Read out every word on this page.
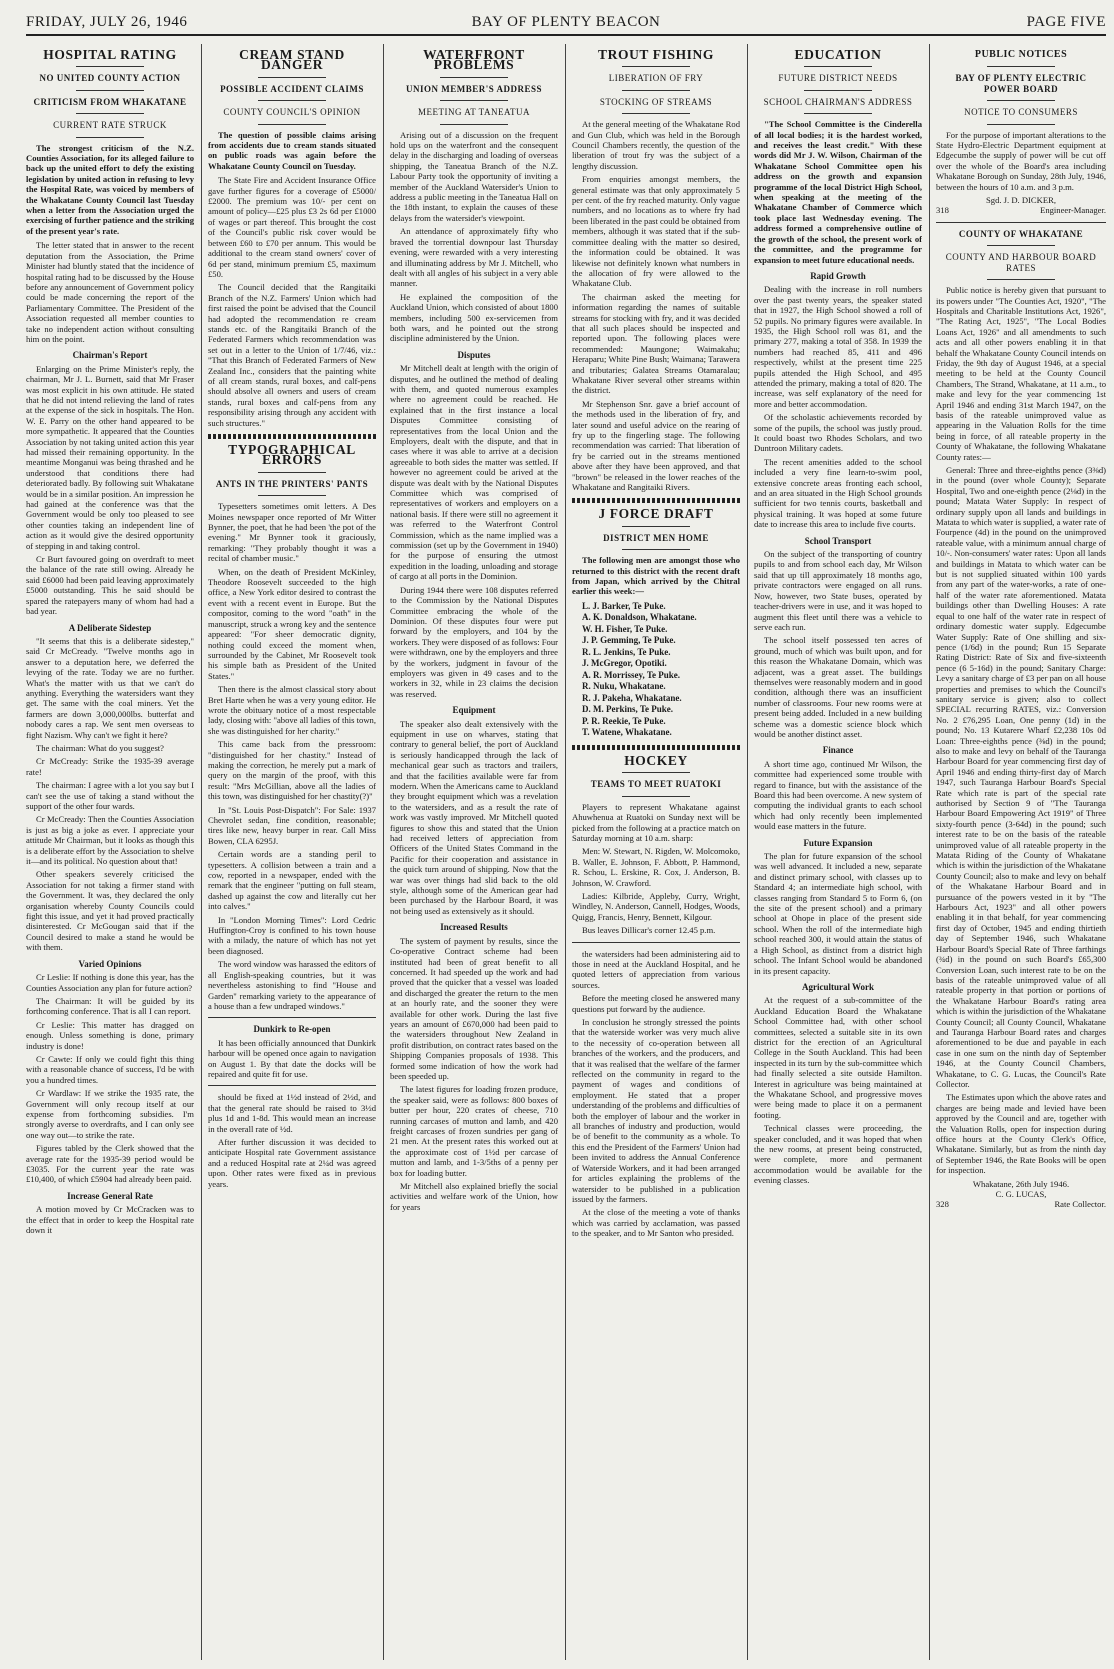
FRIDAY, JULY 26, 1946	BAY OF PLENTY BEACON	PAGE FIVE
HOSPITAL RATING
NO UNITED COUNTY ACTION
CRITICISM FROM WHAKATANE
CURRENT RATE STRUCK

The strongest criticism of the N.Z. Counties Association, for its alleged failure to back up the united effort to defy the existing legislation by united action in refusing to levy the Hospital Rate, was voiced by members of the Whakatane County Council last Tuesday when a letter from the Association urged the exercising of further patience and the striking of the present year's rate.

The letter stated that in answer to the recent deputation from the Association, the Prime Minister had bluntly stated that the incidence of hospital rating had to be discussed by the House before any announcement of Government policy could be made concerning the report of the Parliamentary Committee. The President of the Association requested all member counties to take no independent action without consulting him on the point.

Chairman's Report

Enlarging on the Prime Minister's reply, the chairman, Mr J. L. Burnett, said that Mr Fraser was most explicit in his own attitude. He stated that he did not intend relieving the land of rates at the expense of the sick in hospitals. The Hon. W. E. Parry on the other hand appeared to be more sympathetic. It appeared that the Counties Association by not taking united action this year had missed their remaining opportunity. In the meantime Monganui was being thrashed and he understood that conditions there had deteriorated badly. By following suit Whakatane would be in a similar position. An impression he had gained at the conference was that the Government would be only too pleased to see other counties taking an independent line of action as it would give the desired opportunity of stepping in and taking control.

Cr Burt favoured going on overdraft to meet the balance of the rate still owing. Already he said £6000 had been paid leaving approximately £5000 outstanding. This he said should be spared the ratepayers many of whom had had a bad year.

A Deliberate Sidestep

"It seems that this is a deliberate sidestep," said Cr McCready. "Twelve months ago in answer to a deputation here, we deferred the levying of the rate. Today we are no further. What's the matter with us that we can't do anything. Everything the watersiders want they get. The same with the coal miners. Yet the farmers are down 3,000,000lbs. butterfat and nobody cares a rap. We sent men overseas to fight Nazism. Why can't we fight it here?

The chairman: What do you suggest?

Cr McCready: Strike the 1935-39 average rate!

The chairman: I agree with a lot you say but I can't see the use of taking a stand without the support of the other four wards.

Cr McCready: Then the Counties Association is just as big a joke as ever. I appreciate your attitude Mr Chairman, but it looks as though this is a deliberate effort by the Association to shelve it—and its political. No question about that!

Other speakers severely criticised the Association for not taking a firmer stand with the Government. It was, they declared the only organisation whereby County Councils could fight this issue, and yet it had proved practically disinterested. Cr McGougan said that if the Council desired to make a stand he would be with them.

Varied Opinions

Cr Leslie: If nothing is done this year, has the Counties Association any plan for future action?

The Chairman: It will be guided by its forthcoming conference. That is all I can report.

Cr Leslie: This matter has dragged on enough. Unless something is done, primary industry is done!

Cr Cawte: If only we could fight this thing with a reasonable chance of success, I'd be with you a hundred times.

Cr Wardlaw: If we strike the 1935 rate, the Government will only recoup itself at our expense from forthcoming subsidies. I'm strongly averse to overdrafts, and I can only see one way out—to strike the rate.

Figures tabled by the Clerk showed that the average rate for the 1935-39 period would be £3035. For the current year the rate was £10,400, of which £5904 had already been paid.

Increase General Rate

A motion moved by Cr McCracken was to the effect that in order to keep the Hospital rate down it

CREAM STAND DANGER
POSSIBLE ACCIDENT CLAIMS
COUNTY COUNCIL'S OPINION

The question of possible claims arising from accidents due to cream stands situated on public roads was again before the Whakatane County Council on Tuesday.

The State Fire and Accident Insurance Office gave further figures for a coverage of £5000/£2000. The premium was 10/- per cent on amount of policy—£25 plus £3 2s 6d per £1000 of wages or part thereof. This brought the cost of the Council's public risk cover would be between £60 to £70 per annum. This would be additional to the cream stand owners' cover of 6d per stand, minimum premium £5, maximum £50.

The Council decided that the Rangitaiki Branch of the N.Z. Farmers' Union which had first raised the point be advised that the Council had adopted the recommendation re cream stands etc. of the Rangitaiki Branch of the Federated Farmers which recommendation was set out in a letter to the Union of 1/7/46, viz.: "That this Branch of Federated Farmers of New Zealand Inc., considers that the painting white of all cream stands, rural boxes, and calf-pens should absolve all owners and users of cream stands, rural boxes and calf-pens from any responsibility arising through any accident with such structures."

TYPOGRAPHICAL ERRORS
ANTS IN THE PRINTERS' PANTS

Typesetters sometimes omit letters. A Des Moines newspaper once reported of Mr Witter Bynner, the poet, that he had been 'the pot of the evening." Mr Bynner took it graciously, remarking: "They probably thought it was a recital of chamber music."

When, on the death of President McKinley, Theodore Roosevelt succeeded to the high office, a New York editor desired to contrast the event with a recent event in Europe. But the compositor, coming to the word "oath" in the manuscript, struck a wrong key and the sentence appeared: "For sheer democratic dignity, nothing could exceed the moment when, surrounded by the Cabinet, Mr Roosevelt took his simple bath as President of the United States."

Then there is the almost classical story about Bret Harte when he was a very young editor. He wrote the obituary notice of a most respectable lady, closing with: "above all ladies of this town, she was distinguished for her charity."

This came back from the pressroom: "distinguished for her chastity." Instead of making the correction, he merely put a mark of query on the margin of the proof, with this result: "Mrs McGillian, above all the ladies of this town, was distinguished for her chastity(?)"

In "St. Louis Post-Dispatch": For Sale: 1937 Chevrolet sedan, fine condition, reasonable; tires like new, heavy burper in rear. Call Miss Bowen, CLA 6295J.

Certain words are a standing peril to typesetters. A collision between a train and a cow, reported in a newspaper, ended with the remark that the engineer "putting on full steam, dashed up against the cow and literally cut her into calves."

In "London Morning Times": Lord Cedric Huffington-Croy is confined to his town house with a milady, the nature of which has not yet been diagnosed.

The word window was harassed the editors of all English-speaking countries, but it was nevertheless astonishing to find "House and Garden" remarking variety to the appearance of a house than a few undraped windows."

Dunkirk to Re-open

It has been officially announced that Dunkirk harbour will be opened once again to navigation on August 1. By that date the docks will be repaired and quite fit for use.

should be fixed at 1½d instead of 2½d, and that the general rate should be raised to 3½d plus 1d and 1-8d. This would mean an increase in the overall rate of ½d.

After further discussion it was decided to anticipate Hospital rate Government assistance and a reduced Hospital rate at 2¼d was agreed upon. Other rates were fixed as in previous years.

WATERFRONT PROBLEMS
UNION MEMBER'S ADDRESS
MEETING AT TANEATUA

Arising out of a discussion on the frequent hold ups on the waterfront and the consequent delay in the discharging and loading of overseas shipping, the Taneatua Branch of the N.Z. Labour Party took the opportunity of inviting a member of the Auckland Watersider's Union to address a public meeting in the Taneatua Hall on the 18th instant, to explain the causes of these delays from the watersider's viewpoint.

An attendance of approximately fifty who braved the torrential downpour last Thursday evening, were rewarded with a very interesting and illuminating address by Mr J. Mitchell, who dealt with all angles of his subject in a very able manner.

He explained the composition of the Auckland Union, which consisted of about 1800 members, including 500 ex-servicemen from both wars, and he pointed out the strong discipline administered by the Union.

Disputes

Mr Mitchell dealt at length with the origin of disputes, and he outlined the method of dealing with them, and quoted numerous examples where no agreement could be reached. He explained that in the first instance a local Disputes Committee consisting of representatives from the local Union and the Employers, dealt with the dispute, and that in cases where it was able to arrive at a decision agreeable to both sides the matter was settled. If however no agreement could be arived at the dispute was dealt with by the National Disputes Committee which was comprised of representatives of workers and employers on a national basis. If there were still no agreement it was referred to the Waterfront Control Commission, which as the name implied was a commission (set up by the Government in 1940) for the purpose of ensuring the utmost expedition in the loading, unloading and storage of cargo at all ports in the Dominion.

During 1944 there were 108 disputes referred to the Commission by the National Disputes Committee embracing the whole of the Dominion. Of these disputes four were put forward by the employers, and 104 by the workers. They were disposed of as follows: Four were withdrawn, one by the employers and three by the workers, judgment in favour of the employers was given in 49 cases and to the workers in 32, while in 23 claims the decision was reserved.

Equipment

The speaker also dealt extensively with the equipment in use on wharves, stating that contrary to general belief, the port of Auckland is seriously handicapped through the lack of mechanical gear such as tractors and trailers, and that the facilities available were far from modern. When the Americans came to Auckland they brought equipment which was a revelation to the watersiders, and as a result the rate of work was vastly improved. Mr Mitchell quoted figures to show this and stated that the Union had received letters of appreciation from Officers of the United States Command in the Pacific for their cooperation and assistance in the quick turn around of shipping. Now that the war was over things had slid back to the old style, although some of the American gear had been purchased by the Harbour Board, it was not being used as extensively as it should.

Increased Results

The system of payment by results, since the Co-operative Contract scheme had been instituted had been of great benefit to all concerned. It had speeded up the work and had proved that the quicker that a vessel was loaded and discharged the greater the return to the men at an hourly rate, and the sooner they were available for other work. During the last five years an amount of £670,000 had been paid to the watersiders throughout New Zealand in profit distribution, on contract rates based on the Shipping Companies proposals of 1938. This formed some indication of how the work had been speeded up.

The latest figures for loading frozen produce, the speaker said, were as follows: 800 boxes of butter per hour, 220 crates of cheese, 710 running carcases of mutton and lamb, and 420 freight carcases of frozen sundries per gang of 21 men. At the present rates this worked out at the approximate cost of 1½d per carcase of mutton and lamb, and 1-3/5ths of a penny per box for loading butter.

Mr Mitchell also explained briefly the social activities and welfare work of the Union, how for years

TROUT FISHING
LIBERATION OF FRY
STOCKING OF STREAMS

At the general meeting of the Whakatane Rod and Gun Club, which was held in the Borough Council Chambers recently, the question of the liberation of trout fry was the subject of a lengthy discussion.

From enquiries amongst members, the general estimate was that only approximately 5 per cent. of the fry reached maturity. Only vague numbers, and no locations as to where fry had been liberated in the past could be obtained from members, although it was stated that if the sub-committee dealing with the matter so desired, the information could be obtained. It was likewise not definitely known what numbers in the allocation of fry were allowed to the Whakatane Club.

The chairman asked the meeting for information regarding the names of suitable streams for stocking with fry, and it was decided that all such places should be inspected and reported upon. The following places were recommended: Maungone; Waimakahu; Heraparu; White Pine Bush; Waimana; Tarawera and tributaries; Galatea Streams Otamaralau; Whakatane River several other streams within the district.

Mr Stephenson Snr. gave a brief account of the methods used in the liberation of fry, and later sound and useful advice on the rearing of fry up to the fingerling stage. The following recommendation was carried: That liberation of fry be carried out in the streams mentioned above after they have been approved, and that "brown" be released in the lower reaches of the Whakatane and Rangitaiki Rivers.

J FORCE DRAFT
DISTRICT MEN HOME

The following men are amongst those who returned to this district with the recent draft from Japan, which arrived by the Chitral earlier this week:—

L. J. Barker, Te Puke.
A. K. Donaldson, Whakatane.
W. H. Fisher, Te Puke.
J. P. Gemming, Te Puke.
R. L. Jenkins, Te Puke.
J. McGregor, Opotiki.
A. R. Morrissey, Te Puke.
R. Nuku, Whakatane.
R. J. Pakeha, Whakatane.
D. M. Perkins, Te Puke.
P. R. Reekie, Te Puke.
T. Watene, Whakatane.
HOCKEY
TEAMS TO MEET RUATOKI

Players to represent Whakatane against Ahuwhenua at Ruatoki on Sunday next will be picked from the following at a practice match on Saturday morning at 10 a.m. sharp:

Men: W. Stewart, N. Rigden, W. Molcomoko, B. Waller, E. Johnson, F. Abbott, P. Hammond, R. Schou, L. Erskine, R. Cox, J. Anderson, B. Johnson, W. Crawford.

Ladies: Kilbride, Appleby, Curry, Wright, Windley, N. Anderson, Cannell, Hodges, Woods, Quigg, Francis, Henry, Bennett, Kilgour.

Bus leaves Dillicar's corner 12.45 p.m.

the watersiders had been administering aid to those in need at the Auckland Hospital, and he quoted letters of appreciation from various sources.

Before the meeting closed he answered many questions put forward by the audience.

In conclusion he strongly stressed the points that the waterside worker was very much alive to the necessity of co-operation between all branches of the workers, and the producers, and that it was realised that the welfare of the farmer reflected on the community in regard to the payment of wages and conditions of employment. He stated that a proper understanding of the problems and difficulties of both the employer of labour and the worker in all branches of industry and production, would be of benefit to the community as a whole. To this end the President of the Farmers' Union had been invited to address the Annual Conference of Waterside Workers, and it had been arranged for articles explaining the problems of the watersider to be published in a publication issued by the farmers.

At the close of the meeting a vote of thanks which was carried by acclamation, was passed to the speaker, and to Mr Santon who presided.

EDUCATION
FUTURE DISTRICT NEEDS
SCHOOL CHAIRMAN'S ADDRESS

"The School Committee is the Cinderella of all local bodies; it is the hardest worked, and receives the least credit." With these words did Mr J. W. Wilson, Chairman of the Whakatane School Committee open his address on the growth and expansion programme of the local District High School, when speaking at the meeting of the Whakatane Chamber of Commerce which took place last Wednesday evening. The address formed a comprehensive outline of the growth of the school, the present work of the committee, and the programme for expansion to meet future educational needs.

Rapid Growth

Dealing with the increase in roll numbers over the past twenty years, the speaker stated that in 1927, the High School showed a roll of 52 pupils. No primary figures were available. In 1935, the High School roll was 81, and the primary 277, making a total of 358. In 1939 the numbers had reached 85, 411 and 496 respectively, whilst at the present time 225 pupils attended the High School, and 495 attended the primary, making a total of 820. The increase, was self explanatory of the need for more and better accommodation.

Of the scholastic achievements recorded by some of the pupils, the school was justly proud. It could boast two Rhodes Scholars, and two Duntroon Military cadets.

The recent amenities added to the school included a very fine learn-to-swim pool, extensive concrete areas fronting each school, and an area situated in the High School grounds sufficient for two tennis courts, basketball and physical training. It was hoped at some future date to increase this area to include five courts.

School Transport

On the subject of the transporting of country pupils to and from school each day, Mr Wilson said that up till approximately 18 months ago, private contractors were engaged on all runs. Now, however, two State buses, operated by teacher-drivers were in use, and it was hoped to augment this fleet until there was a vehicle to serve each run.

The school itself possessed ten acres of ground, much of which was built upon, and for this reason the Whakatane Domain, which was adjacent, was a great asset. The buildings themselves were reasonably modern and in good condition, although there was an insufficient number of classrooms. Four new rooms were at present being added. Included in a new building scheme was a domestic science block which would be another distinct asset.

Finance

A short time ago, continued Mr Wilson, the committee had experienced some trouble with regard to finance, but with the assistance of the Board this had been overcome. A new system of computing the individual grants to each school which had only recently been implemented would ease matters in the future.

Future Expansion

The plan for future expansion of the school was well advanced. It included a new, separate and distinct primary school, with classes up to Standard 4; an intermediate high school, with classes ranging from Standard 5 to Form 6, (on the site of the present school) and a primary school at Ohope in place of the present side school. When the roll of the intermediate high school reached 300, it would attain the status of a High School, as distinct from a district high school. The Infant School would be abandoned in its present capacity.

Agricultural Work

At the request of a sub-committee of the Auckland Education Board the Whakatane School Committee had, with other school committees, selected a suitable site in its own district for the erection of an Agricultural College in the South Auckland. This had been inspected in its turn by the sub-committee which had finally selected a site outside Hamilton. Interest in agriculture was being maintained at the Whakatane School, and progressive moves were being made to place it on a permanent footing.

Technical classes were proceeding, the speaker concluded, and it was hoped that when the new rooms, at present being constructed, were complete, more and permanent accommodation would be available for the evening classes.

PUBLIC NOTICES
BAY OF PLENTY ELECTRIC POWER BOARD
NOTICE TO CONSUMERS

For the purpose of important alterations to the State Hydro-Electric Department equipment at Edgecumbe the supply of power will be cut off over the whole of the Board's area including Whakatane Borough on Sunday, 28th July, 1946, between the hours of 10 a.m. and 3 p.m.

Sgd. J. D. DICKER,
318	Engineer-Manager.
COUNTY OF WHAKATANE
COUNTY AND HARBOUR BOARD RATES

Public notice is hereby given that pursuant to its powers under "The Counties Act, 1920", "The Hospitals and Charitable Institutions Act, 1926", "The Rating Act, 1925", "The Local Bodies Loans Act, 1926" and all amendments to such acts and all other powers enabling it in that behalf the Whakatane County Council intends on Friday, the 9th day of August 1946, at a special meeting to be held at the County Council Chambers, The Strand, Whakatane, at 11 a.m., to make and levy for the year commencing 1st April 1946 and ending 31st March 1947, on the basis of the rateable unimproved value as appearing in the Valuation Rolls for the time being in force, of all rateable property in the County of Whakatane, the following Whakatane County rates:—

General: Three and three-eighths pence (3⅜d) in the pound (over whole County); Separate Hospital, Two and one-eighth pence (2⅛d) in the pound; Matata Water Supply: In respect of ordinary supply upon all lands and buildings in Matata to which water is supplied, a water rate of Fourpence (4d) in the pound on the unimproved rateable value, with a minimum annual charge of 10/-. Non-consumers' water rates: Upon all lands and buildings in Matata to which water can be but is not supplied situated within 100 yards from any part of the water-works, a rate of one-half of the water rate aforementioned. Matata buildings other than Dwelling Houses: A rate equal to one half of the water rate in respect of ordinary domestic water supply. Edgecumbe Water Supply: Rate of One shilling and six-pence (1/6d) in the pound; Run 15 Separate Rating District: Rate of Six and five-sixteenth pence (6 5-16d) in the pound; Sanitary Charge: Levy a sanitary charge of £3 per pan on all house properties and premises to which the Council's sanitary service is given; also to collect SPECIAL recurring RATES, viz.: Conversion No. 2 £76,295 Loan, One penny (1d) in the pound; No. 13 Kutarere Wharf £2,238 10s 0d Loan: Three-eighths pence (⅜d) in the pound; also to make and levy on behalf of the Tauranga Harbour Board for year commencing first day of April 1946 and ending thirty-first day of March 1947, such Tauranga Harbour Board's Special Rate which rate is part of the special rate authorised by Section 9 of "The Tauranga Harbour Board Empowering Act 1919" of Three sixty-fourth pence (3-64d) in the pound; such interest rate to be on the basis of the rateable unimproved value of all rateable property in the Matata Riding of the County of Whakatane which is within the jurisdiction of the Whakatane County Council; also to make and levy on behalf of the Whakatane Harbour Board and in pursuance of the powers vested in it by "The Harbours Act, 1923" and all other powers enabling it in that behalf, for year commencing first day of October, 1945 and ending thirtieth day of September 1946, such Whakatane Harbour Board's Special Rate of Three farthings (¾d) in the pound on such Board's £65,300 Conversion Loan, such interest rate to be on the basis of the rateable unimproved value of all rateable property in that portion or portions of the Whakatane Harbour Board's rating area which is within the jurisdiction of the Whakatane County Council; all County Council, Whakatane and Tauranga Harbour Board rates and charges aforementioned to be due and payable in each case in one sum on the ninth day of September 1946, at the County Council Chambers, Whakatane, to C. G. Lucas, the Council's Rate Collector.

The Estimates upon which the above rates and charges are being made and levied have been approved by the Council and are, together with the Valuation Rolls, open for inspection during office hours at the County Clerk's Office, Whakatane. Similarly, but as from the ninth day of September 1946, the Rate Books will be open for inspection.

Whakatane, 26th July 1946.
C. G. LUCAS,
328	Rate Collector.
